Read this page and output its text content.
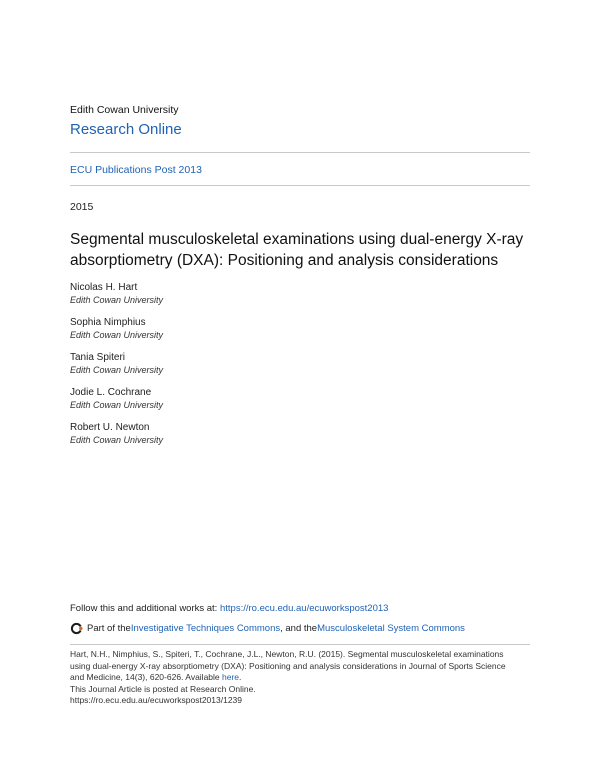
Edith Cowan University
Research Online
ECU Publications Post 2013
2015
Segmental musculoskeletal examinations using dual-energy X-ray
absorptiometry (DXA): Positioning and analysis considerations
Nicolas H. Hart
Edith Cowan University
Sophia Nimphius
Edith Cowan University
Tania Spiteri
Edith Cowan University
Jodie L. Cochrane
Edith Cowan University
Robert U. Newton
Edith Cowan University
Follow this and additional works at: https://ro.ecu.edu.au/ecuworkspost2013
Part of the Investigative Techniques Commons , and the Musculoskeletal System Commons
Hart, N.H., Nimphius, S., Spiteri, T., Cochrane, J.L., Newton, R.U. (2015). Segmental musculoskeletal examinations
using dual-energy X-ray absorptiometry (DXA): Positioning and analysis considerations in Journal of Sports Science
and Medicine, 14(3), 620-626. Available here.
This Journal Article is posted at Research Online.
https://ro.ecu.edu.au/ecuworkspost2013/1239
